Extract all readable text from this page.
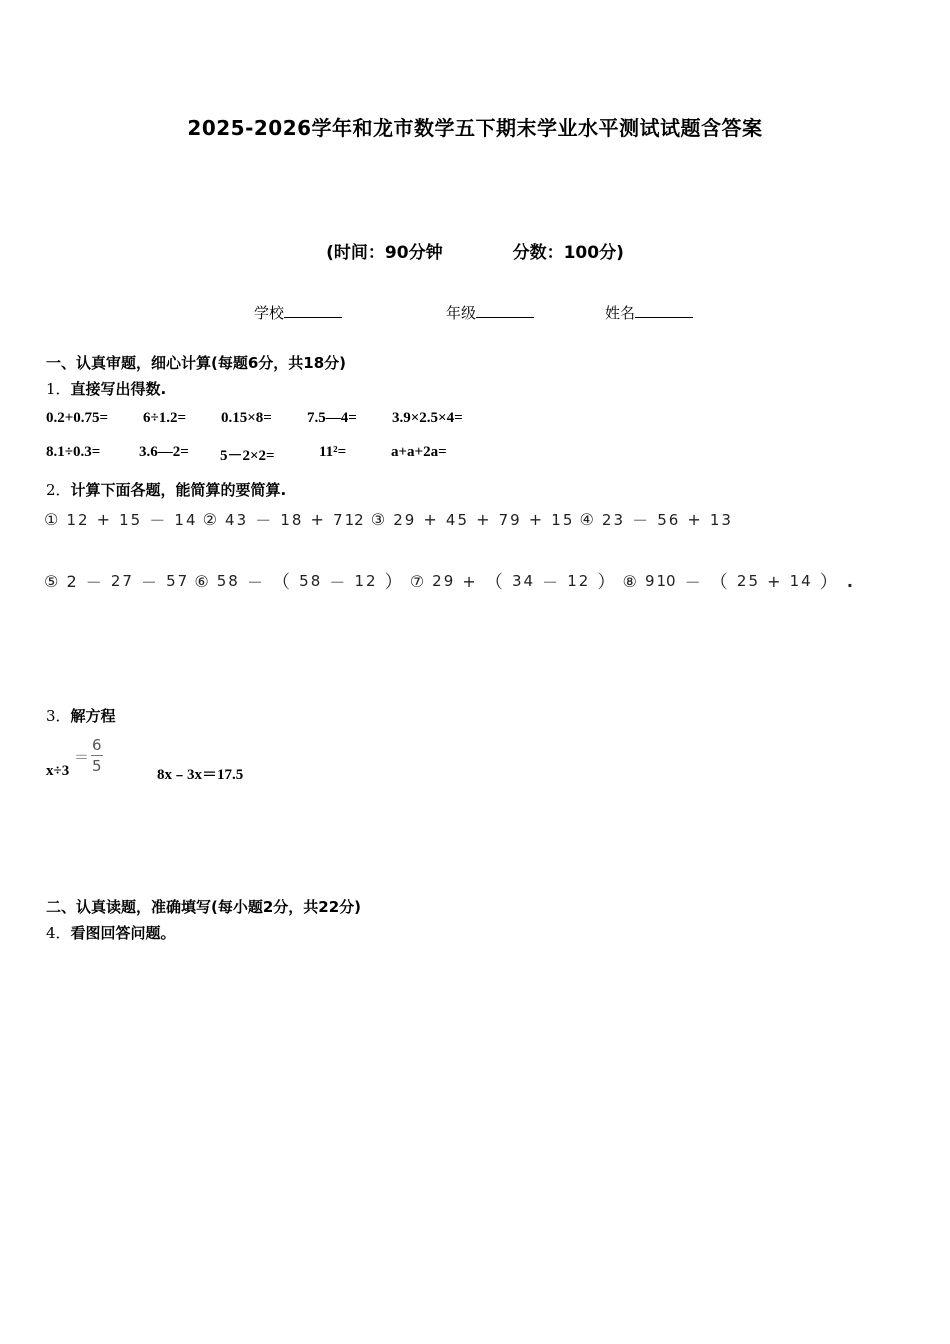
2025-2026学年和龙市数学五下期末学业水平测试试题含答案
(时间：90分钟	分数：100分)
学校	年级	姓名
一、认真审题，细心计算(每题6分，共18分)
1．直接写出得数.
0.2+0.75= 6÷1.2= 0.15×8= 7.5—4= 3.9×2.5×4=
8.1÷0.3=	3.6—2= 5－2×2=	11²=	a+a+2a=
2．计算下面各题，能简算的要简算.
① 1 2 + 1 5 － 1 4 ② 4 3 － 1 8 + 7 12 ③ 2 9 + 4 5 + 7 9 + 1 5 ④ 2 3 － 5 6 + 1 3
⑤ 2 － 2 7 － 5 7 ⑥ 5 8 － （ 5 8 － 1 2 ） ⑦ 2 9 + （ 3 4 － 1 2 ） ⑧ 9 10 － （ 2 5 + 1 4 ） .
3．解方程
x÷3
＝ $\frac{6}{5}$
8x﹣3x＝17.5
二、认真读题，准确填写(每小题2分，共22分)
4．看图回答问题。
